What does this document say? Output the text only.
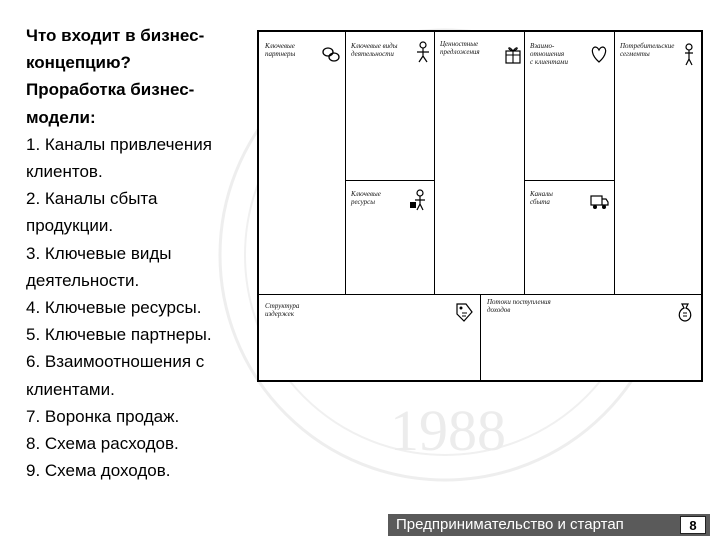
1988
Что входит в бизнес-
концепцию?
Проработка бизнес-
модели:
1. Каналы привлечения
клиентов.
2. Каналы сбыта
продукции.
3. Ключевые виды
деятельности.
4. Ключевые ресурсы.
5. Ключевые партнеры.
6. Взаимоотношения с
клиентами.
7. Воронка продаж.
8. Схема расходов.
9. Схема доходов.
Ключевые
партнеры
Ключевые виды
деятельности
Ценностные
предложения
Взаимо-
отношения
с клиентами
Потребительские
сегменты
Ключевые
ресурсы
Каналы
сбыта
Структура
издержек
Потоки поступления
доходов
Предпринимательство и стартап	8
